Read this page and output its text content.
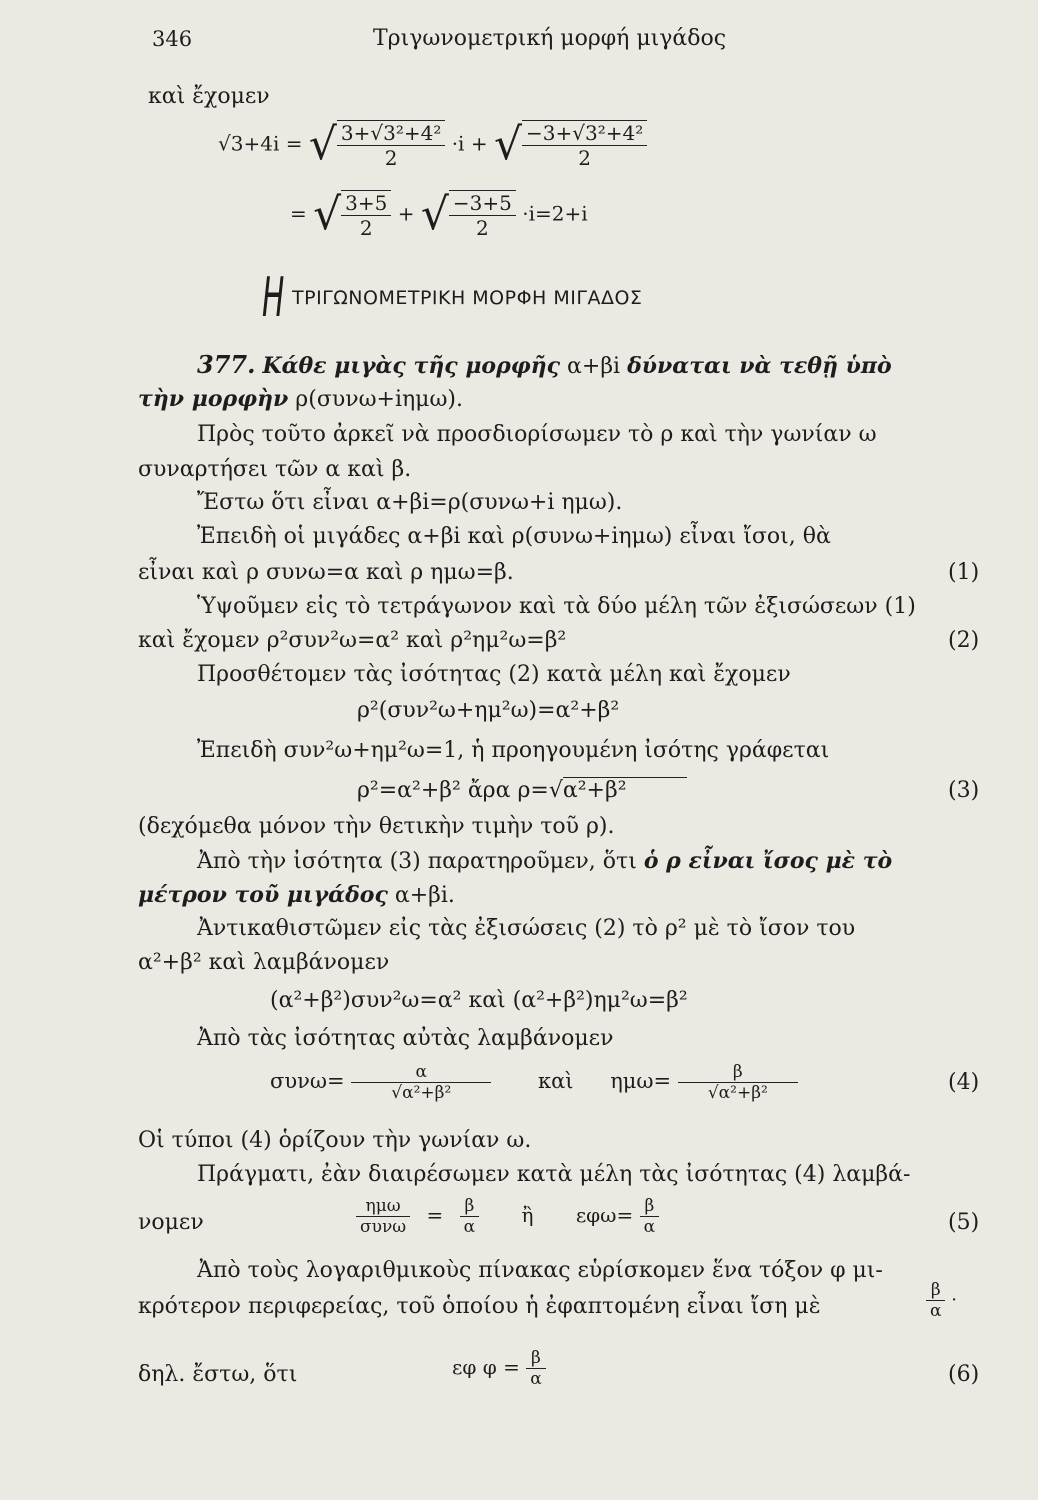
346	Τριγωνομετρική μορφή μιγάδος
καὶ ἔχομεν
√3+4i = √ $\frac{\text{3+√3²+4²}}{2} \cdot i$ + √ $\frac{\text{−3+√3²+4²}}{2}$
= √ $\frac{3+5}{2}$ + √ $\frac{-3+5}{2} \cdot i=2+i$
Η ΤΡΙΓΩΝΟΜΕΤΡΙΚΗ ΜΟΡΦΗ ΜΙΓΑΔΟΣ
377. Κάθε μιγὰς τῆς μορφῆς α+βi δύναται νὰ τεθῇ ὑπὸ
τὴν μορφὴν ρ(συνω+iημω).
Πρὸς τοῦτο ἀρκεῖ νὰ προσδιορίσωμεν τὸ ρ καὶ τὴν γωνίαν ω
συναρτήσει τῶν α καὶ β.
Ἔστω ὅτι εἶναι α+βi=ρ(συνω+i ημω).
Ἐπειδὴ οἱ μιγάδες α+βi καὶ ρ(συνω+iημω) εἶναι ἴσοι, θὰ
εἶναι καὶ ρ συνω=α καὶ ρ ημω=β.	(1)
Ὑψοῦμεν εἰς τὸ τετράγωνον καὶ τὰ δύο μέλη τῶν ἐξισώσεων (1)
καὶ ἔχομεν ρ²συν²ω=α² καὶ ρ²ημ²ω=β²	(2)
Προσθέτομεν τὰς ἰσότητας (2) κατὰ μέλη καὶ ἔχομεν
ρ²(συν²ω+ημ²ω)=α²+β²
Ἐπειδὴ συν²ω+ημ²ω=1, ἡ προηγουμένη ἰσότης γράφεται
ρ²=α²+β² ἄρα ρ=√α²+β²	(3)
(δεχόμεθα μόνον τὴν θετικὴν τιμὴν τοῦ ρ).
Ἀπὸ τὴν ἰσότητα (3) παρατηροῦμεν, ὅτι ὁ ρ εἶναι ἴσος μὲ τὸ
μέτρον τοῦ μιγάδος α+βi.
Ἀντικαθιστῶμεν εἰς τὰς ἐξισώσεις (2) τὸ ρ² μὲ τὸ ἴσον του
α²+β² καὶ λαμβάνομεν
(α²+β²)συν²ω=α² καὶ (α²+β²)ημ²ω=β²
Ἀπὸ τὰς ἰσότητας αὐτὰς λαμβάνομεν
$\sigma\upsilon\nu\omega= \frac{\alpha}{\text{√α²+β²}}$ καὶ $\eta\mu\omega= \frac{\beta}{\text{√α²+β²}}$	(4)
Οἱ τύποι (4) ὁρίζουν τὴν γωνίαν ω.
Πράγματι, ἐὰν διαιρέσωμεν κατὰ μέλη τὰς ἰσότητας (4) λαμβά-
νομεν	$\frac{\text{ημω}}{\text{συνω}} = \frac{\beta}{\alpha}$ ἢ $\varepsilon\varphi\omega= \frac{\beta}{\alpha}$	(5)
Ἀπὸ τοὺς λογαριθμικοὺς πίνακας εὑρίσκομεν ἕνα τόξον φ μι-
κρότερον περιφερείας, τοῦ ὁποίου ἡ ἐφαπτομένη εἶναι ἴση μὲ	$\frac{\beta}{\alpha}$ ·
δηλ. ἔστω, ὅτι	εφ $\varphi = \frac{\beta}{\alpha}$	(6)
